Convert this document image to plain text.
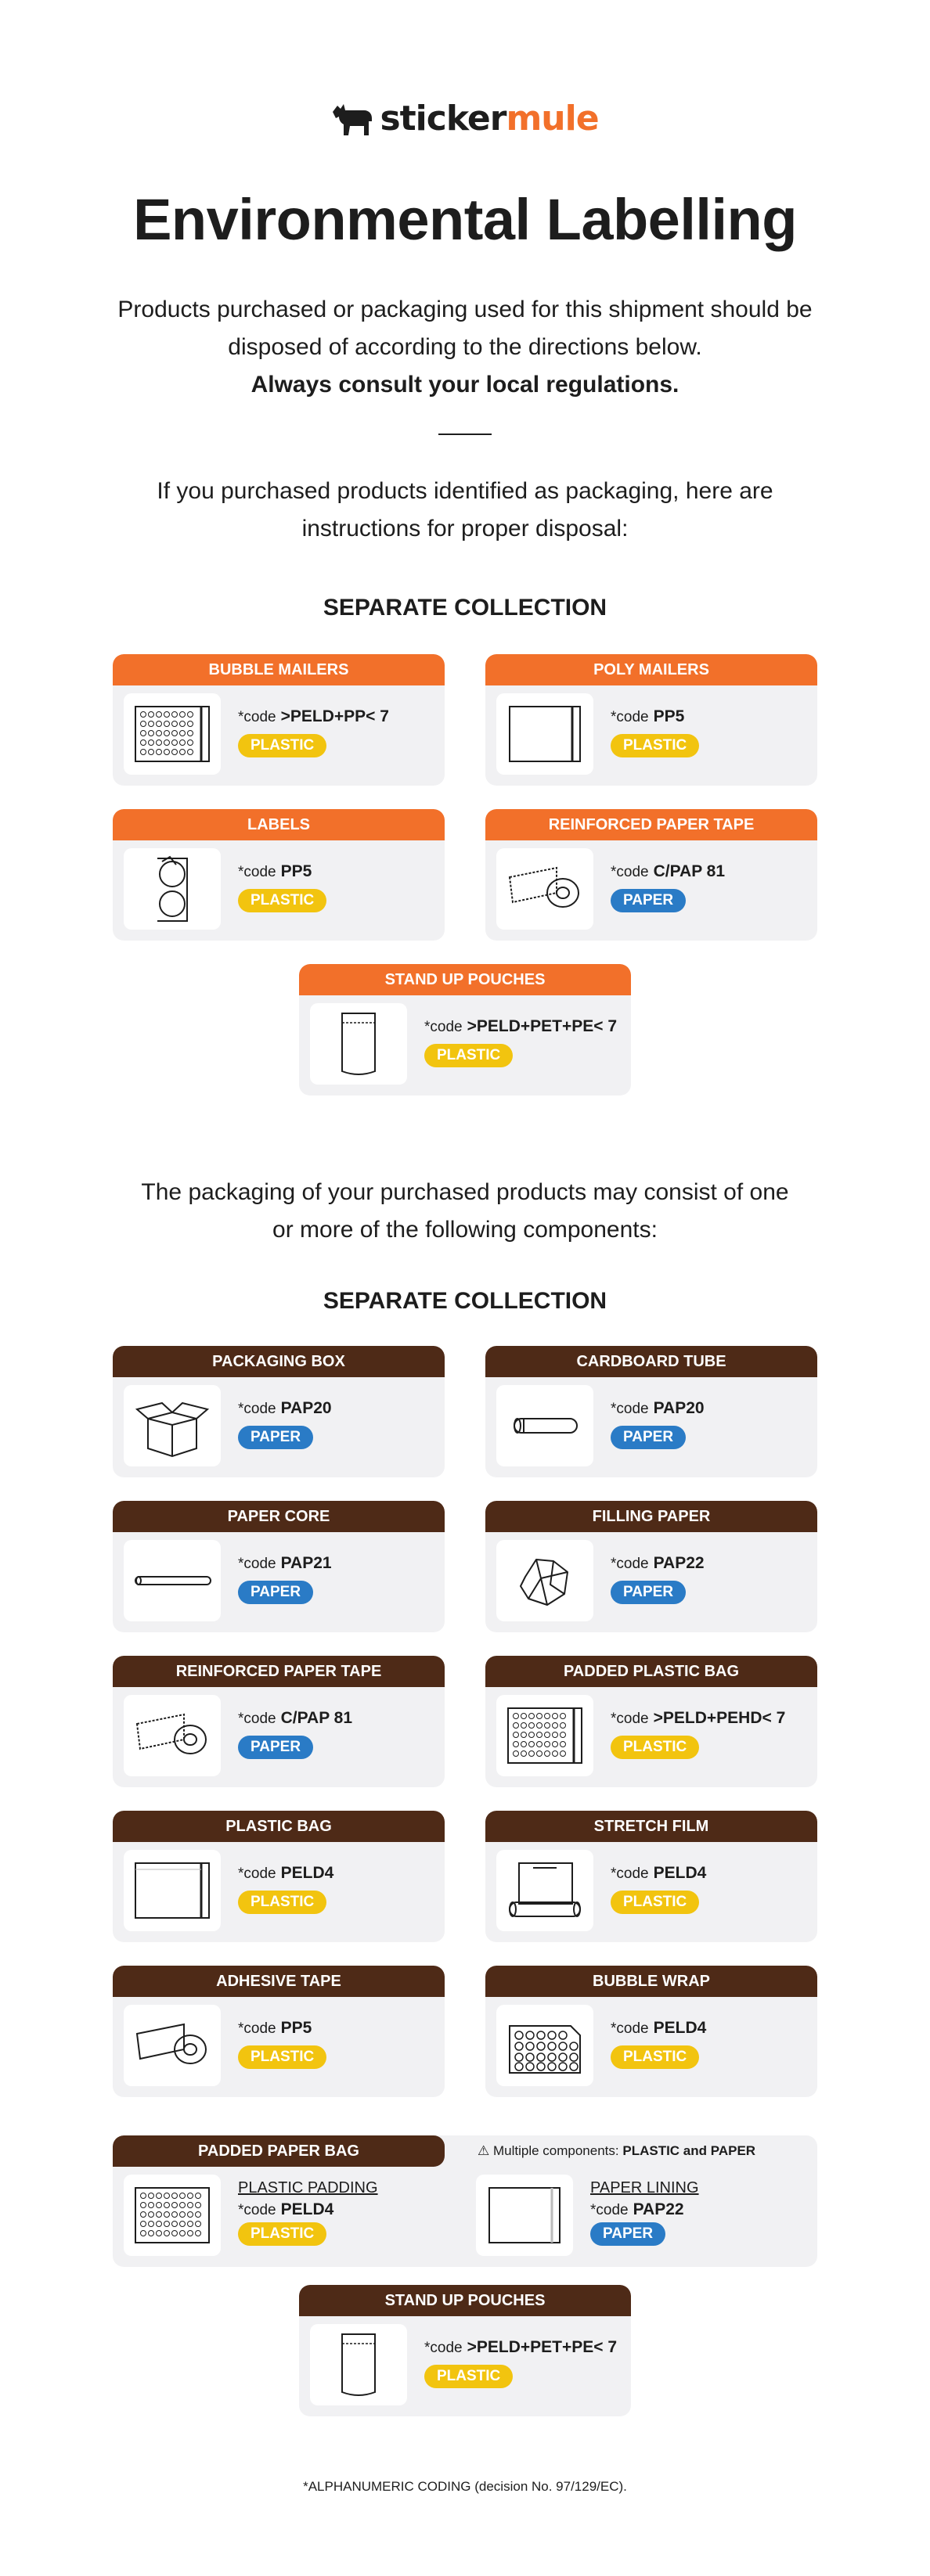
stickermule
Environmental Labelling

Products purchased or packaging used for this shipment should be

disposed of according to the directions below.

Always consult your local regulations.

If you purchased products identified as packaging, here are

instructions for proper disposal:

SEPARATE COLLECTION
BUBBLE MAILERS
*code >PELD+PP< 7
PLASTIC
POLY MAILERS
*code PP5
PLASTIC
LABELS
*code PP5
PLASTIC
REINFORCED PAPER TAPE
*code C/PAP 81
PAPER
STAND UP POUCHES
*code >PELD+PET+PE< 7
PLASTIC

The packaging of your purchased products may consist of one

or more of the following components:

SEPARATE COLLECTION
PACKAGING BOX
*code PAP20
PAPER
CARDBOARD TUBE
*code PAP20
PAPER
PAPER CORE
*code PAP21
PAPER
FILLING PAPER
*code PAP22
PAPER
REINFORCED PAPER TAPE
*code C/PAP 81
PAPER
PADDED PLASTIC BAG
*code >PELD+PEHD< 7
PLASTIC
PLASTIC BAG
*code PELD4
PLASTIC
STRETCH FILM
*code PELD4
PLASTIC
ADHESIVE TAPE
*code PP5
PLASTIC
BUBBLE WRAP
*code PELD4
PLASTIC
PADDED PAPER BAG	⚠ Multiple components: PLASTIC and PAPER
PLASTIC PADDING
*code PELD4
PLASTIC
PAPER LINING
*code PAP22
PAPER
STAND UP POUCHES
*code >PELD+PET+PE< 7
PLASTIC
*ALPHANUMERIC CODING (decision No. 97/129/EC).
